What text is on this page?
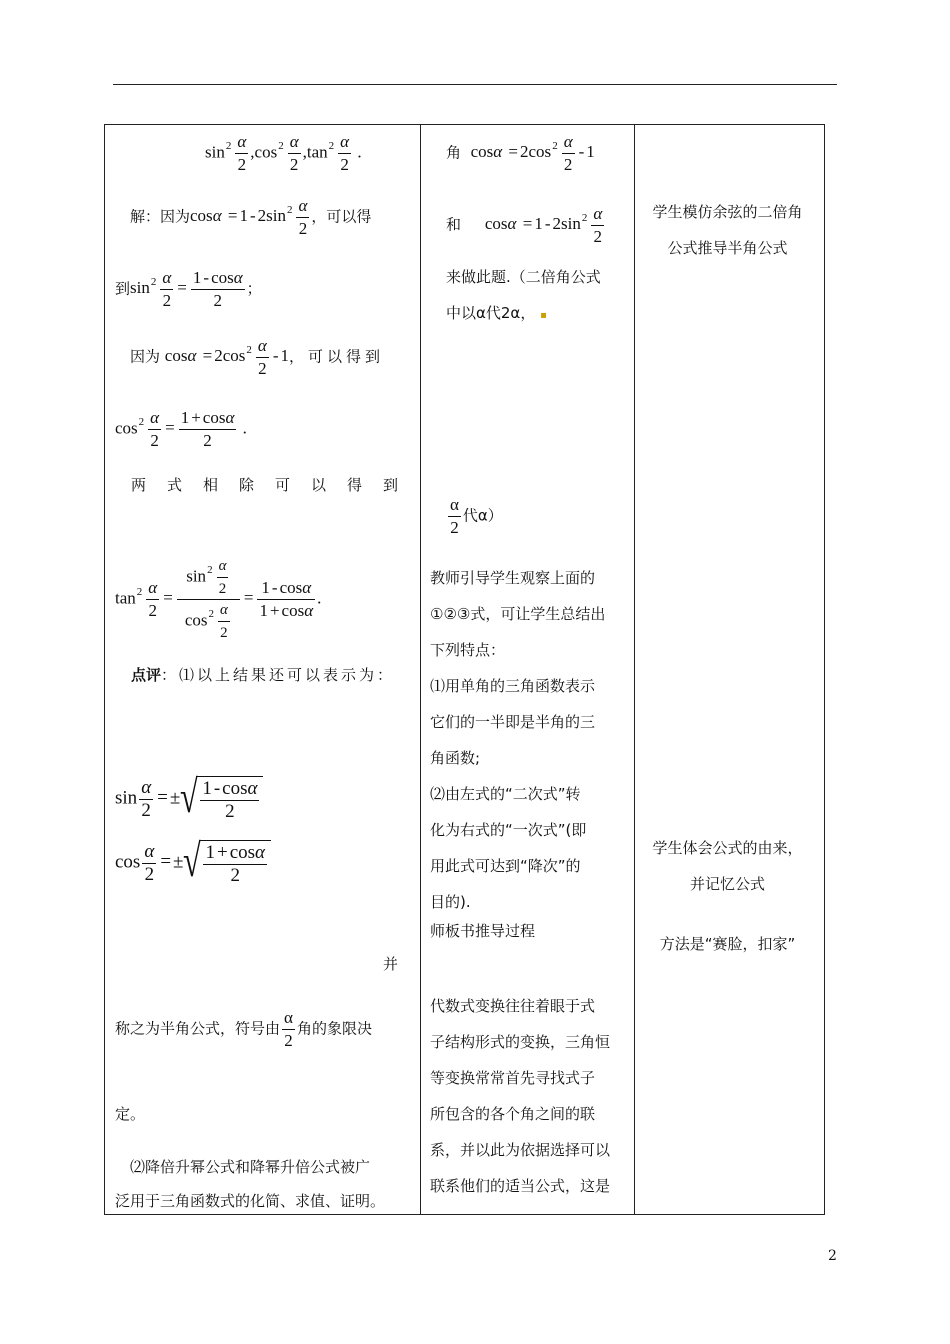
$\sin^2 \frac{\alpha}{2} ,\cos^2 \frac{\alpha}{2} ,\tan^2 \frac{\alpha}{2}$ .
解：因为$\cos\alpha = 1 - 2\sin^2 \frac{\alpha}{2}$ ，可以得
到$\sin^2 \frac{\alpha}{2} = \frac{1 - \cos\alpha}{2}$ ；
因为 $\cos\alpha = 2\cos^2 \frac{\alpha}{2} - 1$，可以得到
$\cos^2 \frac{\alpha}{2} = \frac{1 + \cos\alpha}{2}$ .
两式相除可以得到
$\tan^2 \frac{\alpha}{2} = \frac{\sin^2 \frac{\alpha}{2}}{\cos^2 \frac{\alpha}{2}} = \frac{1 - \cos\alpha}{1 + \cos\alpha}$ .
点评：⑴以上结果还可以表示为：
$\sin \frac{\alpha}{2}$ = ± √ $\frac{1 - \cos\alpha}{2}$
$\cos \frac{\alpha}{2}$ = ± √ $\frac{1 + \cos\alpha}{2}$
并
称之为半角公式，符号由 $\frac{\alpha}{2}$ 角的象限决
定。
⑵降倍升幂公式和降幂升倍公式被广
泛用于三角函数式的化简、求值、证明。
角 $\cos\alpha = 2\cos^2 \frac{\alpha}{2} - 1$
和 $\cos\alpha = 1 - 2\sin^2 \frac{\alpha}{2}$
来做此题.（二倍角公式
中以α代2α， ▪
$\frac{\alpha}{2}$ 代α）
教师引导学生观察上面的
①②③式，可让学生总结出
下列特点：
⑴用单角的三角函数表示
它们的一半即是半角的三
角函数;
⑵由左式的“二次式”转
化为右式的“一次式”(即
用此式可达到“降次”的
目的).
师板书推导过程
代数式变换往往着眼于式
子结构形式的变换，三角恒
等变换常常首先寻找式子
所包含的各个角之间的联
系，并以此为依据选择可以
联系他们的适当公式，这是
学生模仿余弦的二倍角
公式推导半角公式
学生体会公式的由来，
并记忆公式
方法是“赛脸，扣家”
2
